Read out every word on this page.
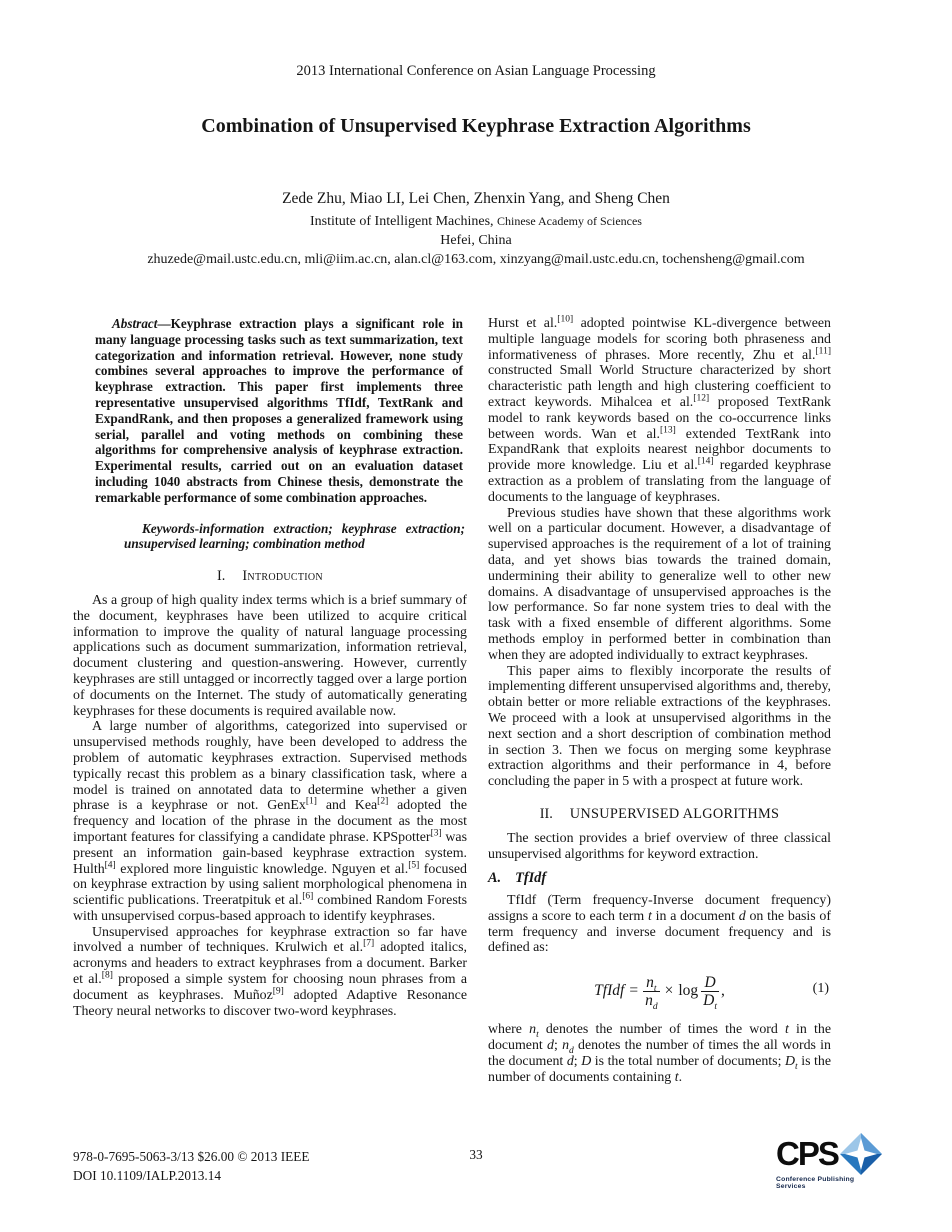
2013 International Conference on Asian Language Processing
Combination of Unsupervised Keyphrase Extraction Algorithms
Zede Zhu, Miao LI, Lei Chen, Zhenxin Yang, and Sheng Chen
Institute of Intelligent Machines, Chinese Academy of Sciences
Hefei, China
zhuzede@mail.ustc.edu.cn, mli@iim.ac.cn, alan.cl@163.com, xinzyang@mail.ustc.edu.cn, tochensheng@gmail.com

Abstract—Keyphrase extraction plays a significant role in many language processing tasks such as text summarization, text categorization and information retrieval. However, none study combines several approaches to improve the performance of keyphrase extraction. This paper first implements three representative unsupervised algorithms TfIdf, TextRank and ExpandRank, and then proposes a generalized framework using serial, parallel and voting methods on combining these algorithms for comprehensive analysis of keyphrase extraction. Experimental results, carried out on an evaluation dataset including 1040 abstracts from Chinese thesis, demonstrate the remarkable performance of some combination approaches.

Keywords-information extraction; keyphrase extraction; unsupervised learning; combination method

I. Introduction

As a group of high quality index terms which is a brief summary of the document, keyphrases have been utilized to acquire critical information to improve the quality of natural language processing applications such as document summarization, information retrieval, document clustering and question-answering. However, currently keyphrases are still untagged or incorrectly tagged over a large portion of documents on the Internet. The study of automatically generating keyphrases for these documents is required available now.

A large number of algorithms, categorized into supervised or unsupervised methods roughly, have been developed to address the problem of automatic keyphrases extraction. Supervised methods typically recast this problem as a binary classification task, where a model is trained on annotated data to determine whether a given phrase is a keyphrase or not. GenEx[1] and Kea[2] adopted the frequency and location of the phrase in the document as the most important features for classifying a candidate phrase. KPSpotter[3] was present an information gain-based keyphrase extraction system. Hulth[4] explored more linguistic knowledge. Nguyen et al.[5] focused on keyphrase extraction by using salient morphological phenomena in scientific publications. Treeratpituk et al.[6] combined Random Forests with unsupervised corpus-based approach to identify keyphrases.

Unsupervised approaches for keyphrase extraction so far have involved a number of techniques. Krulwich et al.[7] adopted italics, acronyms and headers to extract keyphrases from a document. Barker et al.[8] proposed a simple system for choosing noun phrases from a document as keyphrases. Muñoz[9] adopted Adaptive Resonance Theory neural networks to discover two-word keyphrases.

Hurst et al.[10] adopted pointwise KL-divergence between multiple language models for scoring both phraseness and informativeness of phrases. More recently, Zhu et al.[11] constructed Small World Structure characterized by short characteristic path length and high clustering coefficient to extract keywords. Mihalcea et al.[12] proposed TextRank model to rank keywords based on the co-occurrence links between words. Wan et al.[13] extended TextRank into ExpandRank that exploits nearest neighbor documents to provide more knowledge. Liu et al.[14] regarded keyphrase extraction as a problem of translating from the language of documents to the language of keyphrases.

Previous studies have shown that these algorithms work well on a particular document. However, a disadvantage of supervised approaches is the requirement of a lot of training data, and yet shows bias towards the trained domain, undermining their ability to generalize well to other new domains. A disadvantage of unsupervised approaches is the low performance. So far none system tries to deal with the task with a fixed ensemble of different algorithms. Some methods employ in performed better in combination than when they are adopted individually to extract keyphrases.

This paper aims to flexibly incorporate the results of implementing different unsupervised algorithms and, thereby, obtain better or more reliable extractions of the keyphrases. We proceed with a look at unsupervised algorithms in the next section and a short description of combination method in section 3. Then we focus on merging some keyphrase extraction algorithms and their performance in 4, before concluding the paper in 5 with a prospect at future work.

II. UNSUPERVISED ALGORITHMS

The section provides a brief overview of three classical unsupervised algorithms for keyword extraction.

A. TfIdf

TfIdf (Term frequency-Inverse document frequency) assigns a score to each term t in a document d on the basis of term frequency and inverse document frequency and is defined as:

TfIdf = $\frac{n_t}{n_d} \times \log \frac{D}{D_t}$ ,	(1)

where $n_t$ denotes the number of times the word t in the document d; $n_d$ denotes the number of times the all words in the document d; D is the total number of documents; $D_t$ is the number of documents containing t.

978-0-7695-5063-3/13 $26.00 © 2013 IEEE
DOI 10.1109/IALP.2013.14
33	CPS
Conference Publishing Services
